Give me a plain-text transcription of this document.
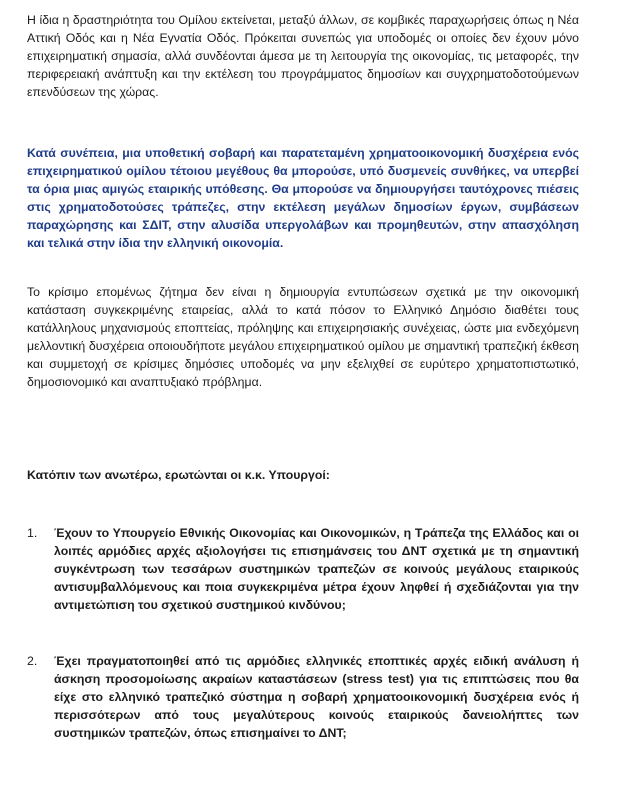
Η ίδια η δραστηριότητα του Ομίλου εκτείνεται, μεταξύ άλλων, σε κομβικές παραχωρήσεις όπως η Νέα Αττική Οδός και η Νέα Εγνατία Οδός. Πρόκειται συνεπώς για υποδομές οι οποίες δεν έχουν μόνο επιχειρηματική σημασία, αλλά συνδέονται άμεσα με τη λειτουργία της οικονομίας, τις μεταφορές, την περιφερειακή ανάπτυξη και την εκτέλεση του προγράμματος δημοσίων και συγχρηματοδοτούμενων επενδύσεων της χώρας.

Κατά συνέπεια, μια υποθετική σοβαρή και παρατεταμένη χρηματοοικονομική δυσχέρεια ενός επιχειρηματικού ομίλου τέτοιου μεγέθους θα μπορούσε, υπό δυσμενείς συνθήκες, να υπερβεί τα όρια μιας αμιγώς εταιρικής υπόθεσης. Θα μπορούσε να δημιουργήσει ταυτόχρονες πιέσεις στις χρηματοδοτούσες τράπεζες, στην εκτέλεση μεγάλων δημοσίων έργων, συμβάσεων παραχώρησης και ΣΔΙΤ, στην αλυσίδα υπεργολάβων και προμηθευτών, στην απασχόληση και τελικά στην ίδια την ελληνική οικονομία.

Το κρίσιμο επομένως ζήτημα δεν είναι η δημιουργία εντυπώσεων σχετικά με την οικονομική κατάσταση συγκεκριμένης εταιρείας, αλλά το κατά πόσον το Ελληνικό Δημόσιο διαθέτει τους κατάλληλους μηχανισμούς εποπτείας, πρόληψης και επιχειρησιακής συνέχειας, ώστε μια ενδεχόμενη μελλοντική δυσχέρεια οποιουδήποτε μεγάλου επιχειρηματικού ομίλου με σημαντική τραπεζική έκθεση και συμμετοχή σε κρίσιμες δημόσιες υποδομές να μην εξελιχθεί σε ευρύτερο χρηματοπιστωτικό, δημοσιονομικό και αναπτυξιακό πρόβλημα.

Κατόπιν των ανωτέρω, ερωτώνται οι κ.κ. Υπουργοί:

1. Έχουν το Υπουργείο Εθνικής Οικονομίας και Οικονομικών, η Τράπεζα της Ελλάδος και οι λοιπές αρμόδιες αρχές αξιολογήσει τις επισημάνσεις του ΔΝΤ σχετικά με τη σημαντική συγκέντρωση των τεσσάρων συστημικών τραπεζών σε κοινούς μεγάλους εταιρικούς αντισυμβαλλόμενους και ποια συγκεκριμένα μέτρα έχουν ληφθεί ή σχεδιάζονται για την αντιμετώπιση του σχετικού συστημικού κινδύνου;

2. Έχει πραγματοποιηθεί από τις αρμόδιες ελληνικές εποπτικές αρχές ειδική ανάλυση ή άσκηση προσομοίωσης ακραίων καταστάσεων (stress test) για τις επιπτώσεις που θα είχε στο ελληνικό τραπεζικό σύστημα η σοβαρή χρηματοοικονομική δυσχέρεια ενός ή περισσότερων από τους μεγαλύτερους κοινούς εταιρικούς δανειολήπτες των συστημικών τραπεζών, όπως επισημαίνει το ΔΝΤ;
